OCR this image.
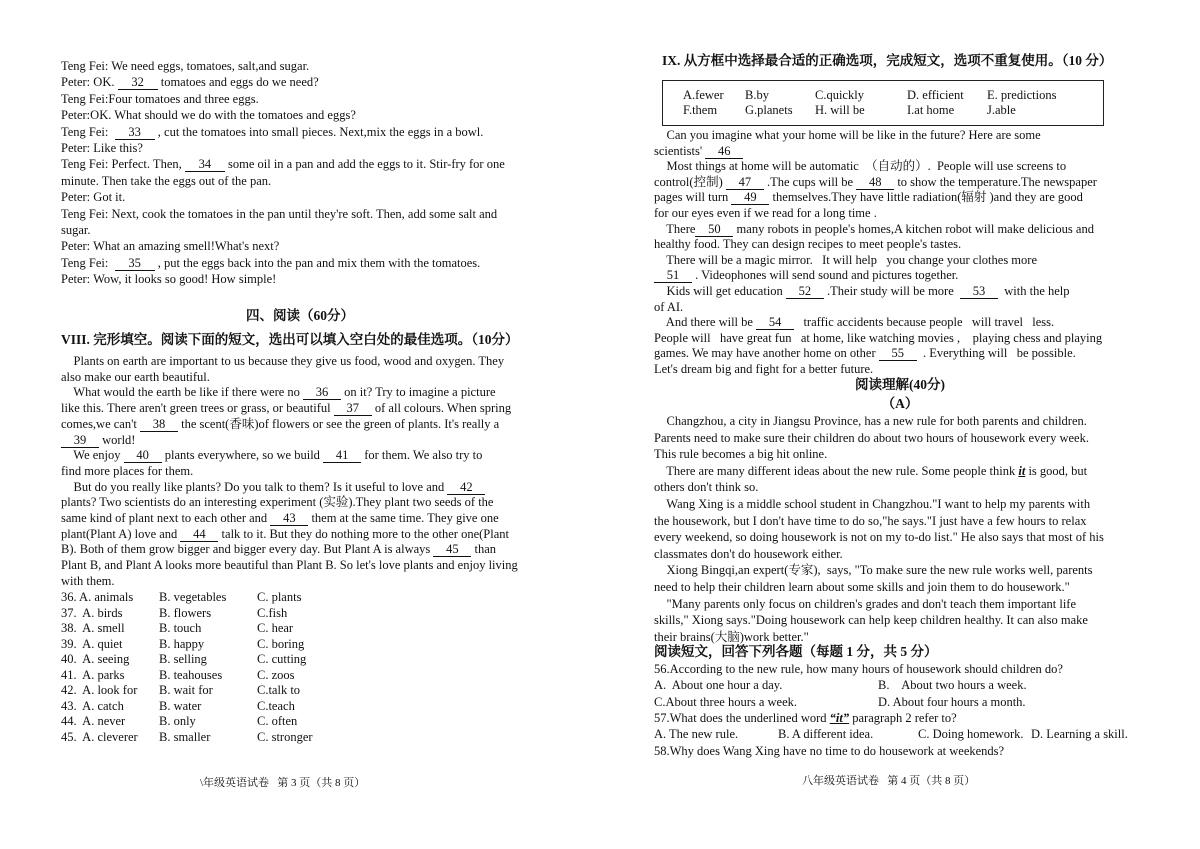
Teng Fei: We need eggs, tomatoes, salt,and sugar.
Peter: OK. 32 tomatoes and eggs do we need?
Teng Fei:Four tomatoes and three eggs.
Peter:OK. What should we do with the tomatoes and eggs?
Teng Fei: 33 , cut the tomatoes into small pieces. Next,mix the eggs in a bowl.
Peter: Like this?
Teng Fei: Perfect. Then, 34 some oil in a pan and add the eggs to it. Stir-fry for one
minute. Then take the eggs out of the pan.
Peter: Got it.
Teng Fei: Next, cook the tomatoes in the pan until they're soft. Then, add some salt and
sugar.
Peter: What an amazing smell!What's next?
Teng Fei: 35 , put the eggs back into the pan and mix them with the tomatoes.
Peter: Wow, it looks so good! How simple!
四、阅读（60分）
VIII. 完形填空。阅读下面的短文，选出可以填入空白处的最佳选项。（10分）
Plants on earth are important to us because they give us food, wood and oxygen. They
also make our earth beautiful.
What would the earth be like if there were no 36 on it? Try to imagine a picture
like this. There aren't green trees or grass, or beautiful 37 of all colours. When spring
comes,we can't 38 the scent(香味)of flowers or see the green of plants. It's really a
39 world!
We enjoy 40 plants everywhere, so we build 41 for them. We also try to
find more places for them.
But do you really like plants? Do you talk to them? Is it useful to love and 42
plants? Two scientists do an interesting experiment (实验).They plant two seeds of the
same kind of plant next to each other and 43 them at the same time. They give one
plant(Plant A) love and 44 talk to it. But they do nothing more to the other one(Plant
B). Both of them grow bigger and bigger every day. But Plant A is always 45 than
Plant B, and Plant A looks more beautiful than Plant B. So let's love plants and enjoy living
with them.
36. A. animals B. vegetables C. plants
37.  A. birds	B. flowers	C.fish
38.  A. smell	B. touch	C. hear
39.  A. quiet	B. happy	C. boring
40.  A. seeing B. selling	C. cutting
41.  A. parks	B. teahouses	C. zoos
42.  A. look for B. wait for	C.talk to
43.  A. catch	B. water	C.teach
44.  A. never	B. only	C. often
45.  A. cleverer B. smaller	C. stronger
\年级英语试卷   第 3 页（共 8 页）
IX. 从方框中选择最合适的正确选项，完成短文，选项不重复使用。（10 分）
Can you imagine what your home will be like in the future? Here are some
scientists' 46
Most things at home will be automatic  （自动的）.  People will use screens to
control(控制) 47 .The cups will be 48 to show the temperature.The newspaper
pages will turn 49 themselves.They have little radiation(辐射 )and they are good
for our eyes even if we read for a long time .
There 50 many robots in people's homes,A kitchen robot will make delicious and
healthy food. They can design recipes to meet people's tastes.
There will be a magic mirror.   It will help   you change your clothes more
51 . Videophones will send sound and pictures together.
Kids will get education 52 .Their study will be more  53  with the help
of AI.
And there will be 54   traffic accidents because people   will travel   less.
People will   have great fun   at home, like watching movies ,    playing chess and playing
games. We may have another home on other 55  . Everything will   be possible.
Let's dream big and fight for a better future.
阅读理解(40分)
（A）
Changzhou, a city in Jiangsu Province, has a new rule for both parents and children.
Parents need to make sure their children do about two hours of housework every week.
This rule becomes a big hit online.
There are many different ideas about the new rule. Some people think it is good, but
others don't think so.
Wang Xing is a middle school student in Changzhou."I want to help my parents with
the housework, but I don't have time to do so,"he says."I just have a few hours to relax
every weekend, so doing housework is not on my to-do list." He also says that most of his
classmates don't do housework either.
Xiong Bingqi,an expert(专家),  says, "To make sure the new rule works well, parents
need to help their children learn about some skills and join them to do housework."
"Many parents only focus on children's grades and don't teach them important life
skills," Xiong says."Doing housework can help keep children healthy. It can also make
their brains(大脑)work better."
阅读短文，回答下列各题（每题 1 分，共 5 分）
56.According to the new rule, how many hours of housework should children do?
A.  About one hour a day.	B.    About two hours a week.
C.About three hours a week.	D. About four hours a month.
57.What does the underlined word “it” paragraph 2 refer to?
A. The new rule.	B. A different idea.	C. Doing homework. D. Learning a skill.
58.Why does Wang Xing have no time to do housework at weekends?
八年级英语试卷   第 4 页（共 8 页）
A.fewer B.by	C.quickly	D. efficient E. predictions
F.them G.planets H. will be	I.at home	J.able
